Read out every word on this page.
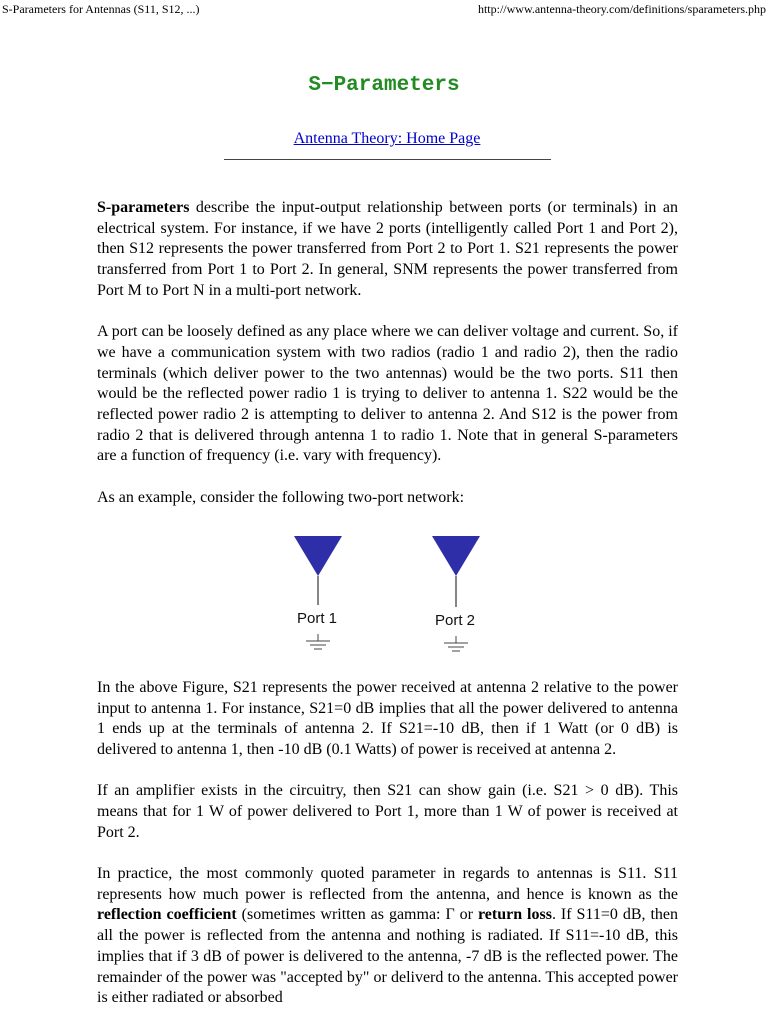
S-Parameters for Antennas (S11, S12, ...)	http://www.antenna-theory.com/definitions/sparameters.php
S−Parameters
Antenna Theory: Home Page

S-parameters describe the input-output relationship between ports (or terminals) in an electrical system. For instance, if we have 2 ports (intelligently called Port 1 and Port 2), then S12 represents the power transferred from Port 2 to Port 1. S21 represents the power transferred from Port 1 to Port 2. In general, SNM represents the power transferred from Port M to Port N in a multi-port network.

A port can be loosely defined as any place where we can deliver voltage and current. So, if we have a communication system with two radios (radio 1 and radio 2), then the radio terminals (which deliver power to the two antennas) would be the two ports. S11 then would be the reflected power radio 1 is trying to deliver to antenna 1. S22 would be the reflected power radio 2 is attempting to deliver to antenna 2. And S12 is the power from radio 2 that is delivered through antenna 1 to radio 1. Note that in general S-parameters are a function of frequency (i.e. vary with frequency).

As an example, consider the following two-port network:

Port 1	Port 2

In the above Figure, S21 represents the power received at antenna 2 relative to the power input to antenna 1. For instance, S21=0 dB implies that all the power delivered to antenna 1 ends up at the terminals of antenna 2. If S21=-10 dB, then if 1 Watt (or 0 dB) is delivered to antenna 1, then -10 dB (0.1 Watts) of power is received at antenna 2.

If an amplifier exists in the circuitry, then S21 can show gain (i.e. S21 > 0 dB). This means that for 1 W of power delivered to Port 1, more than 1 W of power is received at Port 2.

In practice, the most commonly quoted parameter in regards to antennas is S11. S11 represents how much power is reflected from the antenna, and hence is known as the reflection coefficient (sometimes written as gamma: Γ or return loss. If S11=0 dB, then all the power is reflected from the antenna and nothing is radiated. If S11=-10 dB, this implies that if 3 dB of power is delivered to the antenna, -7 dB is the reflected power. The remainder of the power was "accepted by" or deliverd to the antenna. This accepted power is either radiated or absorbed
